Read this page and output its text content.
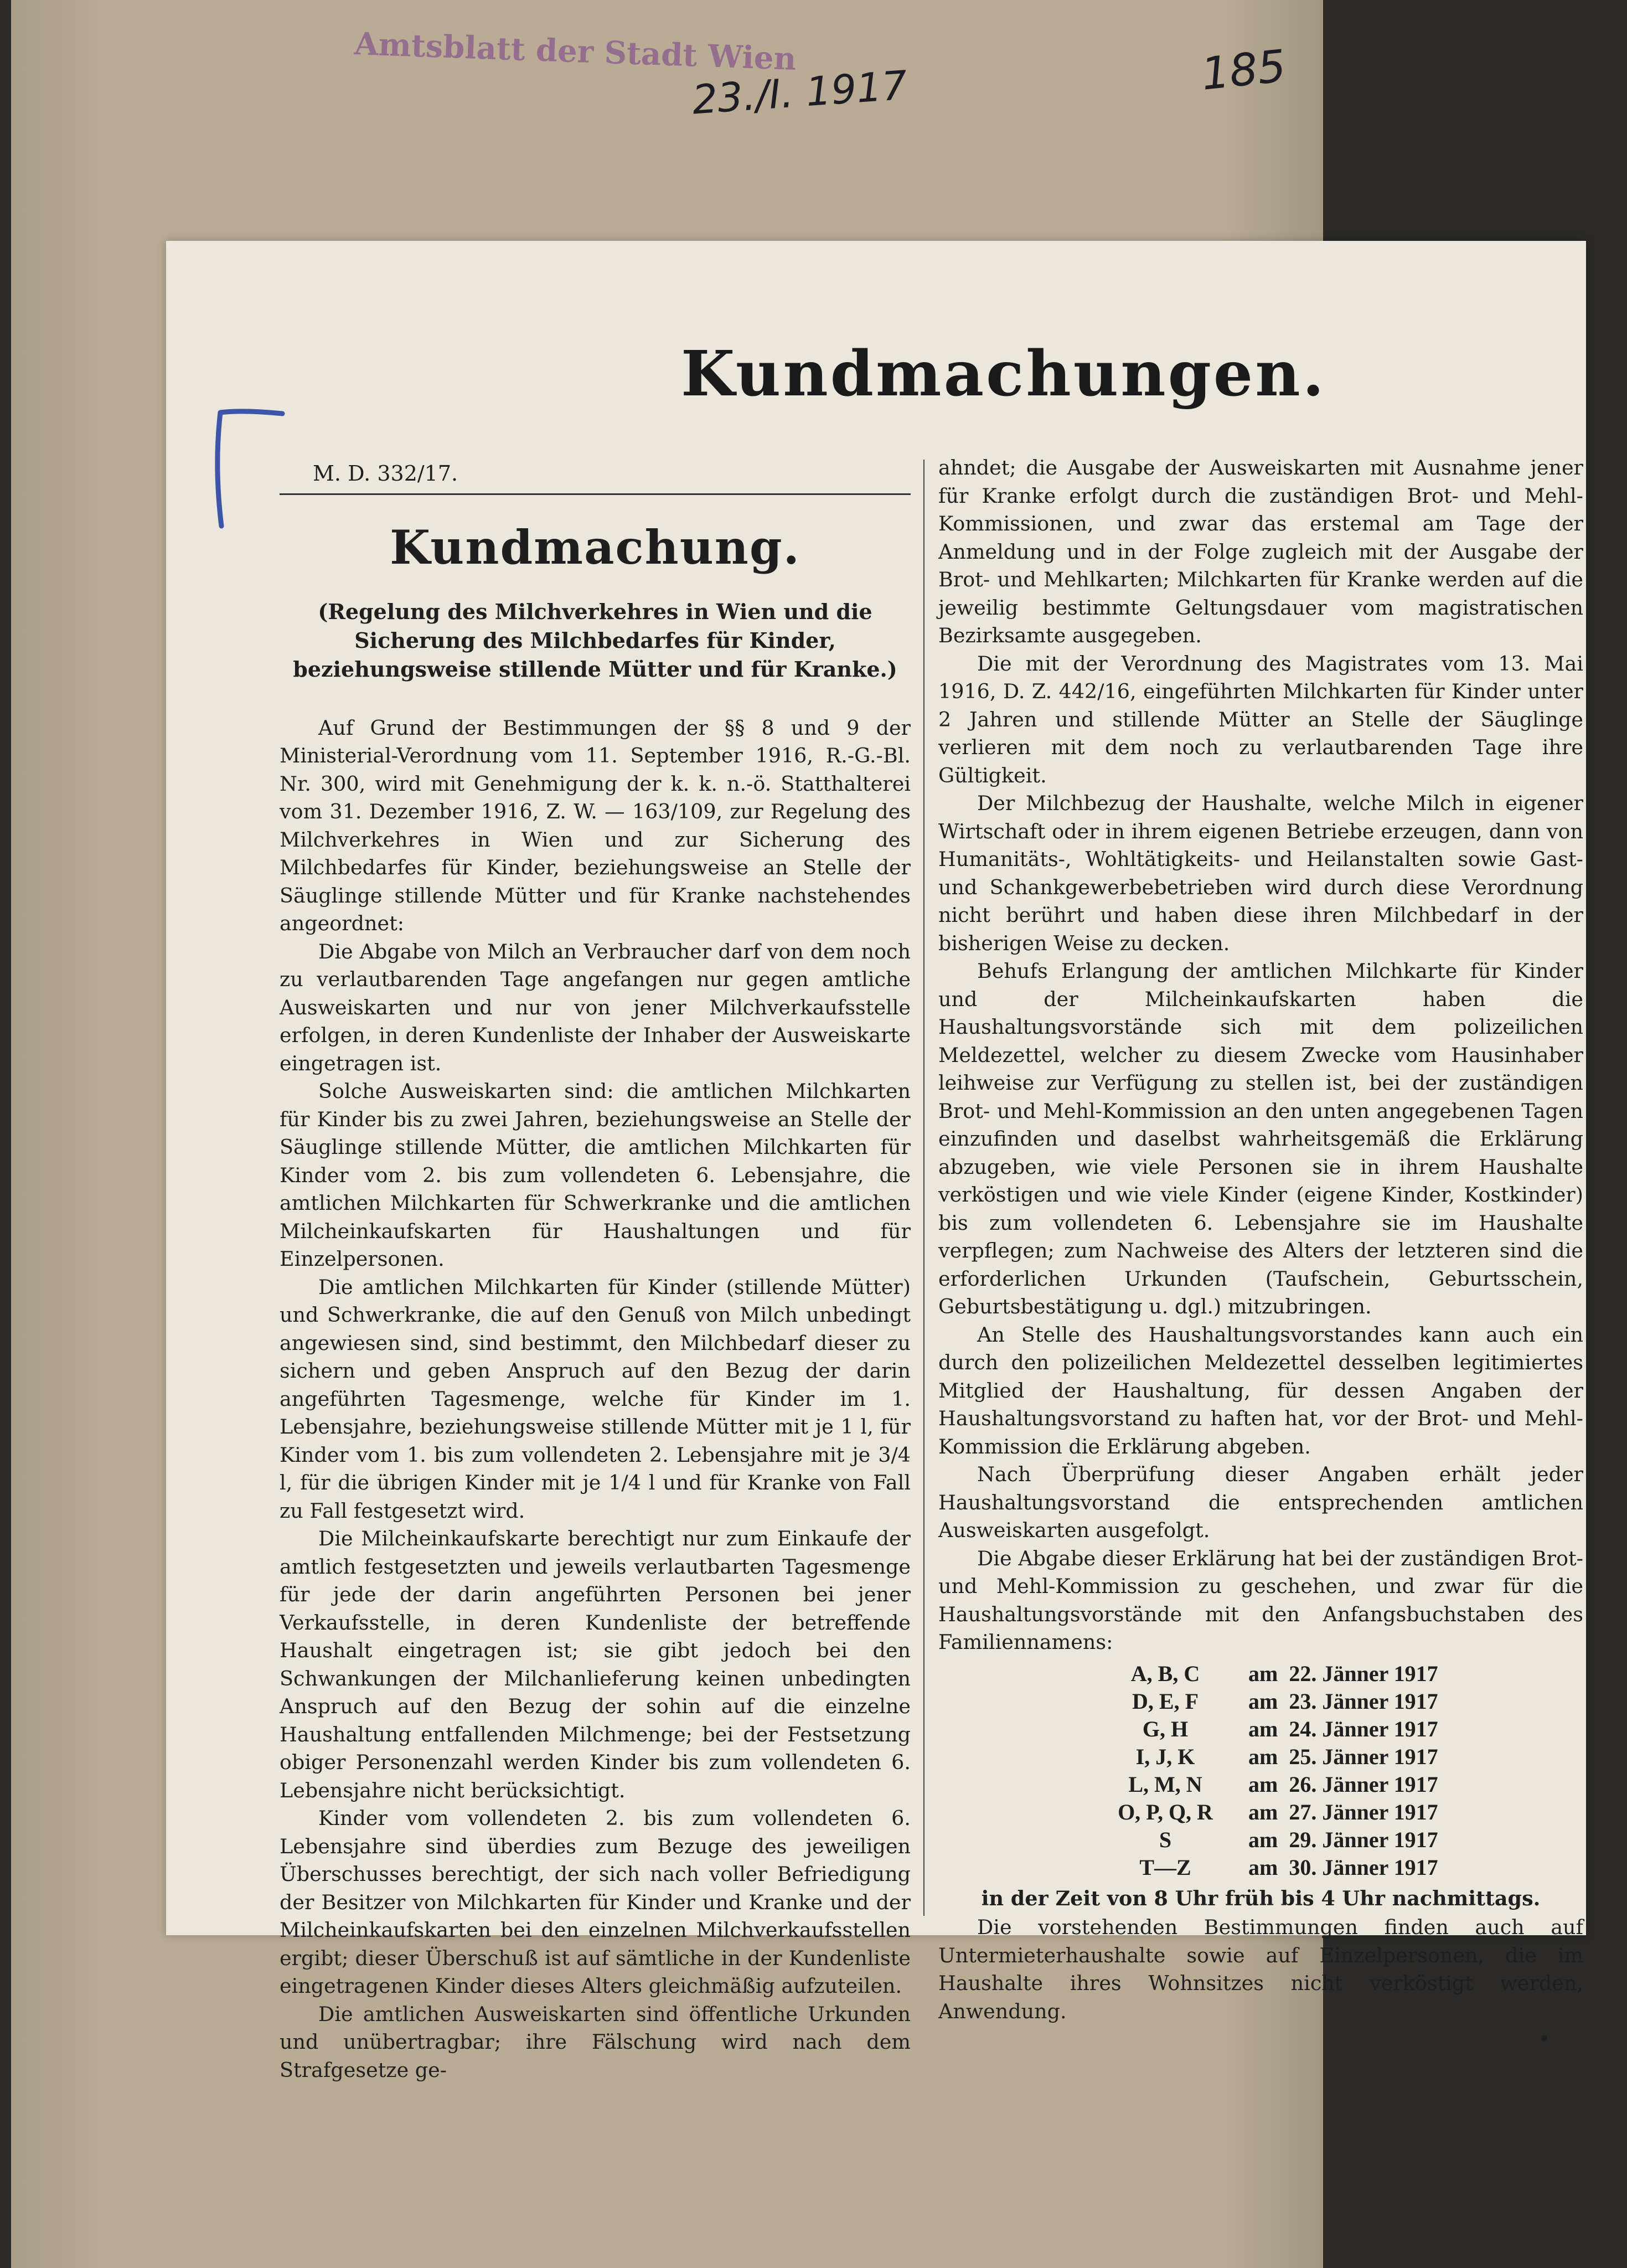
Amtsblatt der Stadt Wien
23./I. 1917	185
Kundmachungen.
M. D. 332/17.
Kundmachung.
(Regelung des Milchverkehres in Wien und die Sicherung des Milchbedarfes für Kinder, beziehungsweise stillende Mütter und für Kranke.)

Auf Grund der Bestimmungen der §§ 8 und 9 der Ministerial-Verordnung vom 11. September 1916, R.-G.-Bl. Nr. 300, wird mit Genehmigung der k. k. n.-ö. Statthalterei vom 31. Dezember 1916, Z. W. — 163/109, zur Regelung des Milchverkehres in Wien und zur Sicherung des Milchbedarfes für Kinder, beziehungsweise an Stelle der Säuglinge stillende Mütter und für Kranke nachstehendes angeordnet:

Die Abgabe von Milch an Verbraucher darf von dem noch zu verlautbarenden Tage angefangen nur gegen amtliche Ausweiskarten und nur von jener Milchverkaufsstelle erfolgen, in deren Kundenliste der Inhaber der Ausweiskarte eingetragen ist.

Solche Ausweiskarten sind: die amtlichen Milchkarten für Kinder bis zu zwei Jahren, beziehungsweise an Stelle der Säuglinge stillende Mütter, die amtlichen Milchkarten für Kinder vom 2. bis zum vollendeten 6. Lebensjahre, die amtlichen Milchkarten für Schwerkranke und die amtlichen Milcheinkaufskarten für Haushaltungen und für Einzelpersonen.

Die amtlichen Milchkarten für Kinder (stillende Mütter) und Schwerkranke, die auf den Genuß von Milch unbedingt angewiesen sind, sind bestimmt, den Milchbedarf dieser zu sichern und geben Anspruch auf den Bezug der darin angeführten Tagesmenge, welche für Kinder im 1. Lebensjahre, beziehungsweise stillende Mütter mit je 1 l, für Kinder vom 1. bis zum vollendeten 2. Lebensjahre mit je 3/4 l, für die übrigen Kinder mit je 1/4 l und für Kranke von Fall zu Fall festgesetzt wird.

Die Milcheinkaufskarte berechtigt nur zum Einkaufe der amtlich festgesetzten und jeweils verlautbarten Tagesmenge für jede der darin angeführten Personen bei jener Verkaufsstelle, in deren Kundenliste der betreffende Haushalt eingetragen ist; sie gibt jedoch bei den Schwankungen der Milchanlieferung keinen unbedingten Anspruch auf den Bezug der sohin auf die einzelne Haushaltung entfallenden Milchmenge; bei der Festsetzung obiger Personenzahl werden Kinder bis zum vollendeten 6. Lebensjahre nicht berücksichtigt.

Kinder vom vollendeten 2. bis zum vollendeten 6. Lebensjahre sind überdies zum Bezuge des jeweiligen Überschusses berechtigt, der sich nach voller Befriedigung der Besitzer von Milchkarten für Kinder und Kranke und der Milcheinkaufskarten bei den einzelnen Milchverkaufsstellen ergibt; dieser Überschuß ist auf sämtliche in der Kundenliste eingetragenen Kinder dieses Alters gleichmäßig aufzuteilen.

Die amtlichen Ausweiskarten sind öffentliche Urkunden und unübertragbar; ihre Fälschung wird nach dem Strafgesetze ge-

ahndet; die Ausgabe der Ausweiskarten mit Ausnahme jener für Kranke erfolgt durch die zuständigen Brot- und Mehl-Kommissionen, und zwar das erstemal am Tage der Anmeldung und in der Folge zugleich mit der Ausgabe der Brot- und Mehlkarten; Milchkarten für Kranke werden auf die jeweilig bestimmte Geltungsdauer vom magistratischen Bezirksamte ausgegeben.

Die mit der Verordnung des Magistrates vom 13. Mai 1916, D. Z. 442/16, eingeführten Milchkarten für Kinder unter 2 Jahren und stillende Mütter an Stelle der Säuglinge verlieren mit dem noch zu verlautbarenden Tage ihre Gültigkeit.

Der Milchbezug der Haushalte, welche Milch in eigener Wirtschaft oder in ihrem eigenen Betriebe erzeugen, dann von Humanitäts-, Wohltätigkeits- und Heilanstalten sowie Gast- und Schankgewerbebetrieben wird durch diese Verordnung nicht berührt und haben diese ihren Milchbedarf in der bisherigen Weise zu decken.

Behufs Erlangung der amtlichen Milchkarte für Kinder und der Milcheinkaufskarten haben die Haushaltungsvorstände sich mit dem polizeilichen Meldezettel, welcher zu diesem Zwecke vom Hausinhaber leihweise zur Verfügung zu stellen ist, bei der zuständigen Brot- und Mehl-Kommission an den unten angegebenen Tagen einzufinden und daselbst wahrheitsgemäß die Erklärung abzugeben, wie viele Personen sie in ihrem Haushalte verköstigen und wie viele Kinder (eigene Kinder, Kostkinder) bis zum vollendeten 6. Lebensjahre sie im Haushalte verpflegen; zum Nachweise des Alters der letzteren sind die erforderlichen Urkunden (Taufschein, Geburtsschein, Geburtsbestätigung u. dgl.) mitzubringen.

An Stelle des Haushaltungsvorstandes kann auch ein durch den polizeilichen Meldezettel desselben legitimiertes Mitglied der Haushaltung, für dessen Angaben der Haushaltungsvorstand zu haften hat, vor der Brot- und Mehl-Kommission die Erklärung abgeben.

Nach Überprüfung dieser Angaben erhält jeder Haushaltungsvorstand die entsprechenden amtlichen Ausweiskarten ausgefolgt.

Die Abgabe dieser Erklärung hat bei der zuständigen Brot- und Mehl-Kommission zu geschehen, und zwar für die Haushaltungsvorstände mit den Anfangsbuchstaben des Familiennamens:

A, B, C	am	22. Jänner 1917
D, E, F	am	23. Jänner 1917
G, H	am	24. Jänner 1917
I, J, K	am	25. Jänner 1917
L, M, N	am	26. Jänner 1917
O, P, Q, R	am	27. Jänner 1917
S	am	29. Jänner 1917
T—Z	am	30. Jänner 1917
in der Zeit von 8 Uhr früh bis 4 Uhr nachmittags.

Die vorstehenden Bestimmungen finden auch auf Untermieterhaushalte sowie auf Einzelpersonen, die im Haushalte ihres Wohnsitzes nicht verköstigt werden, Anwendung.

•
